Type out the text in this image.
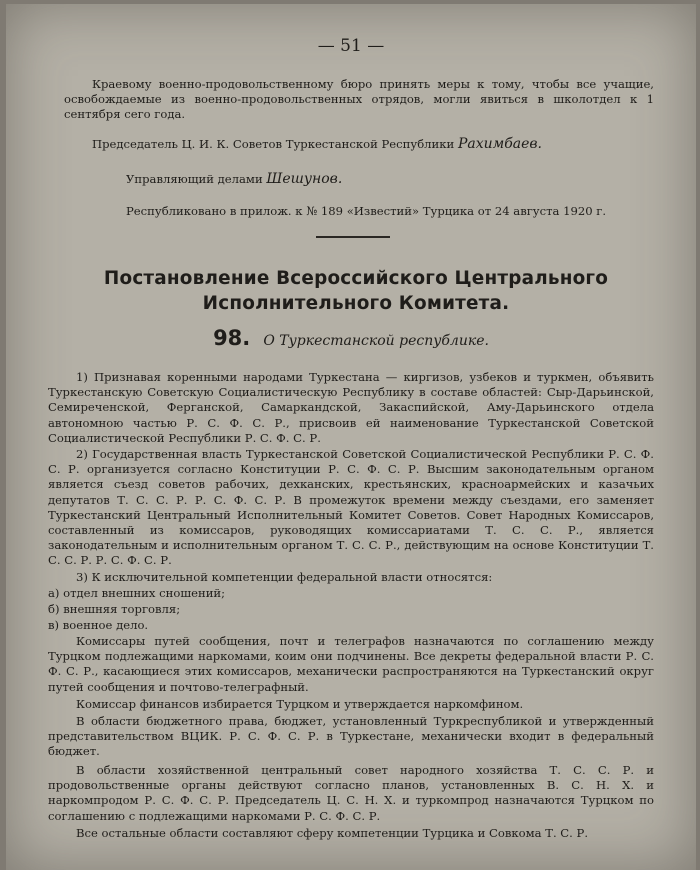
— 51 —

Краевому военно-продовольственному бюро принять меры к тому, чтобы все учащие, освобождаемые из военно-продовольственных отрядов, могли явиться в школотдел к 1 сентября сего года.

Председатель Ц. И. К. Советов Туркестанской Республики Рахимбаев.

Управляющий делами Шешунов.

Республиковано в прилож. к № 189 «Известий» Турцика от 24 августа 1920 г.

Постановление Всероссийского Центрального Исполнительного Комитета.
98. О Туркестанской республике.

1) Признавая коренными народами Туркестана — киргизов, узбеков и туркмен, объявить Туркестанскую Советскую Социалистическую Республику в составе областей: Сыр-Дарьинской, Семиреченской, Ферганской, Самаркандской, Закаспийской, Аму-Дарьинского отдела автономною частью Р. С. Ф. С. Р., присвоив ей наименование Туркестанской Советской Социалистической Республики Р. С. Ф. С. Р.

2) Государственная власть Туркестанской Советской Социалистической Республики Р. С. Ф. С. Р. организуется согласно Конституции Р. С. Ф. С. Р. Высшим законодательным органом является съезд советов рабочих, дехканских, крестьянских, красноармейских и казачьих депутатов Т. С. С. Р. Р. С. Ф. С. Р. В промежуток времени между съездами, его заменяет Туркестанский Центральный Исполнительный Комитет Советов. Совет Народных Комиссаров, составленный из комиссаров, руководящих комиссариатами Т. С. С. Р., является законодательным и исполнительным органом Т. С. С. Р., действующим на основе Конституции Т. С. С. Р. Р. С. Ф. С. Р.

3) К исключительной компетенции федеральной власти относятся:

а) отдел внешних сношений;

б) внешняя торговля;

в) военное дело.

Комиссары путей сообщения, почт и телеграфов назначаются по соглашению между Турцком подлежащими наркомами, коим они подчинены. Все декреты федеральной власти Р. С. Ф. С. Р., касающиеся этих комиссаров, механически распространяются на Туркестанский округ путей сообщения и почтово-телеграфный.

Комиссар финансов избирается Турцком и утверждается наркомфином.

В области бюджетного права, бюджет, установленный Туркреспубликой и утвержденный представительством ВЦИК. Р. С. Ф. С. Р. в Туркестане, механически входит в федеральный бюджет.

В области хозяйственной центральный совет народного хозяйства Т. С. С. Р. и продовольственные органы действуют согласно планов, установленных В. С. Н. Х. и наркомпродом Р. С. Ф. С. Р. Председатель Ц. С. Н. Х. и туркомпрод назначаются Турцком по соглашению с подлежащими наркомами Р. С. Ф. С. Р.

Все остальные области составляют сферу компетенции Турцика и Совкома Т. С. Р.
